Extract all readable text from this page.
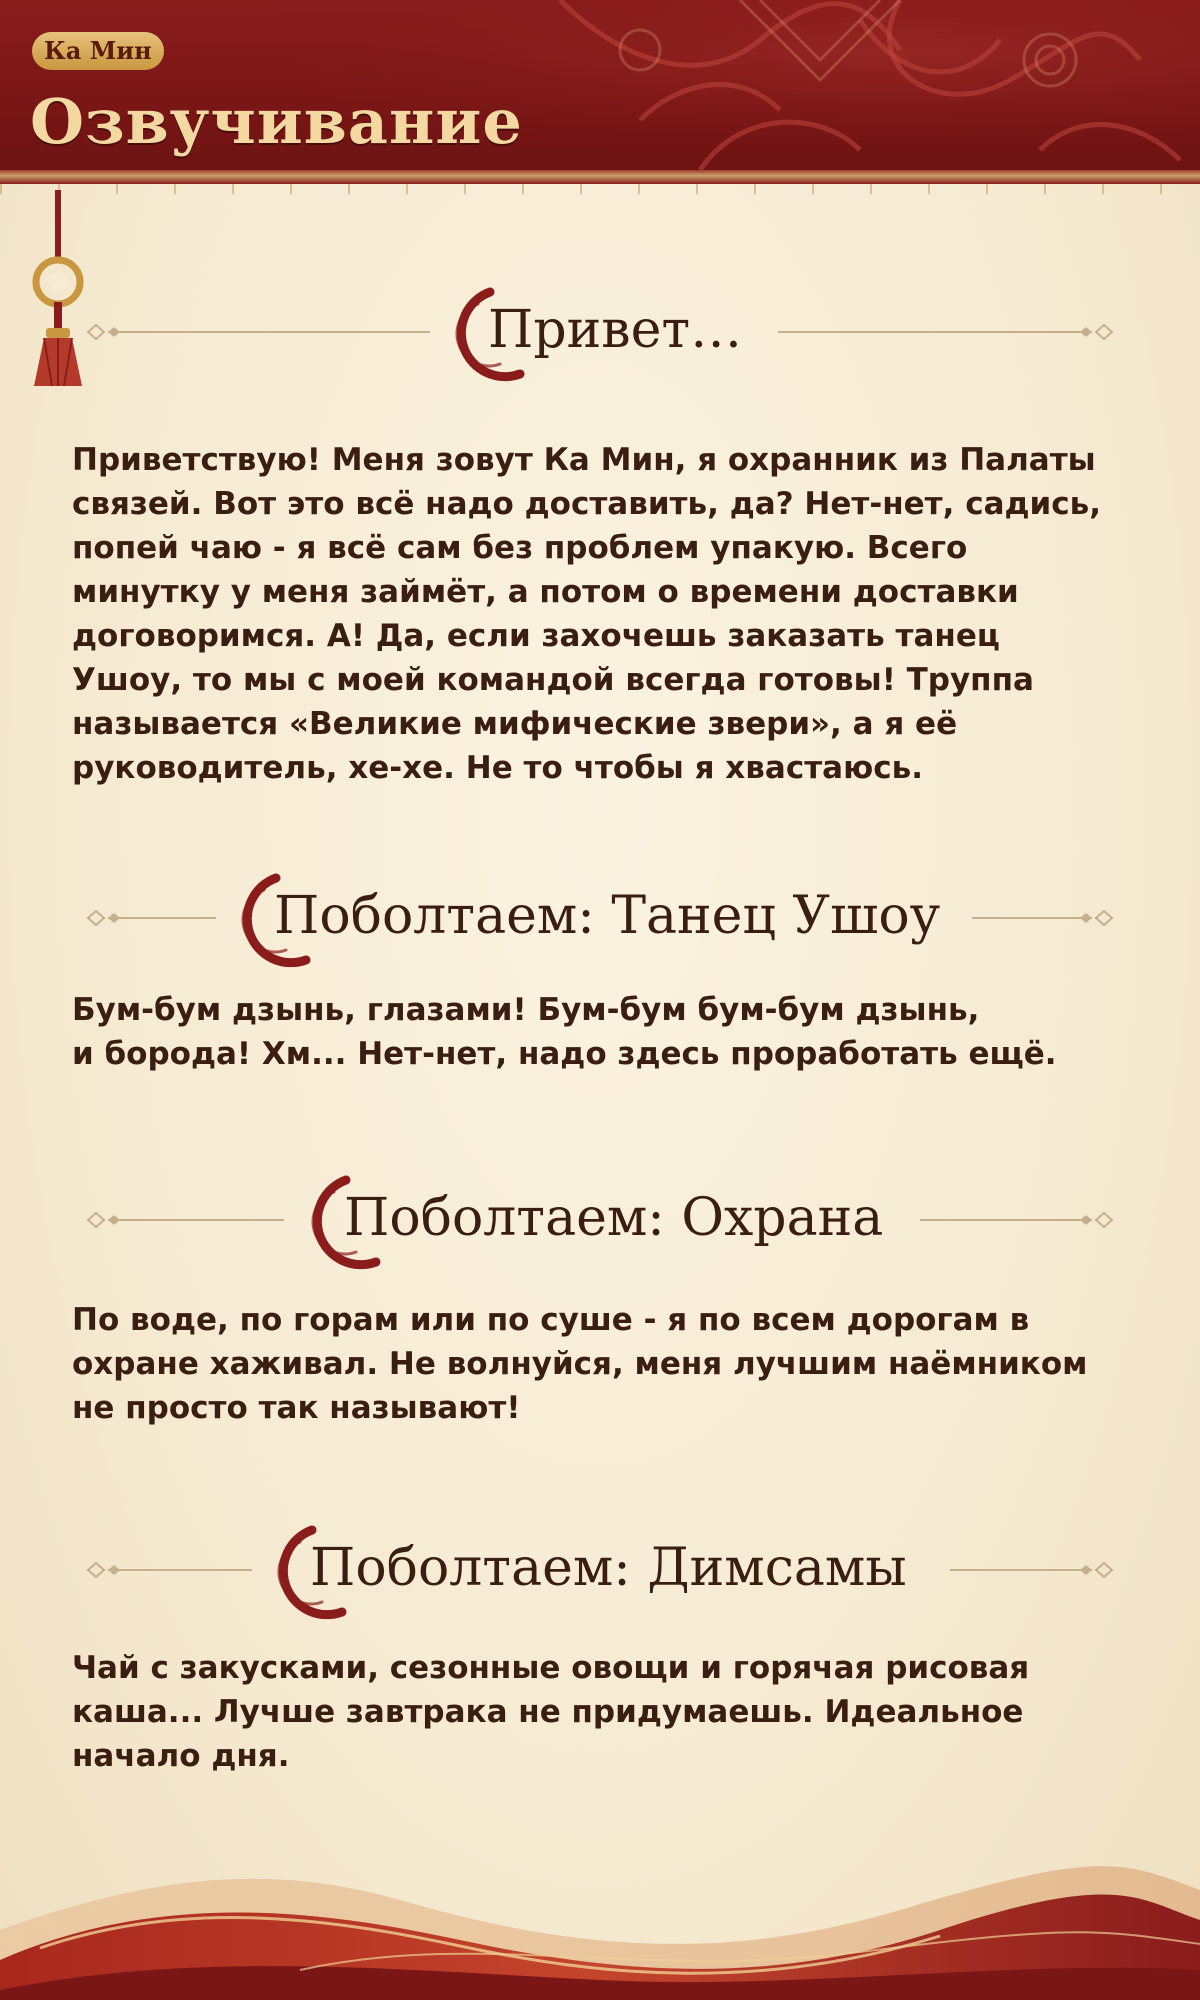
Ка Мин
Озвучивание
Привет…

Приветствую! Меня зовут Ка Мин, я охранник из Палаты

связей. Вот это всё надо доставить, да? Нет-нет, садись,

попей чаю - я всё сам без проблем упакую. Всего

минутку у меня займёт, а потом о времени доставки

договоримся. А! Да, если захочешь заказать танец

Ушоу, то мы с моей командой всегда готовы! Труппа

называется «Великие мифические звери», а я её

руководитель, хе-хе. Не то чтобы я хвастаюсь.

Поболтаем: Танец Ушоу

Бум-бум дзынь, глазами! Бум-бум бум-бум дзынь,

и борода! Хм... Нет-нет, надо здесь проработать ещё.

Поболтаем: Охрана

По воде, по горам или по суше - я по всем дорогам в

охране хаживал. Не волнуйся, меня лучшим наёмником

не просто так называют!

Поболтаем: Димсамы

Чай с закусками, сезонные овощи и горячая рисовая

каша... Лучше завтрака не придумаешь. Идеальное

начало дня.
